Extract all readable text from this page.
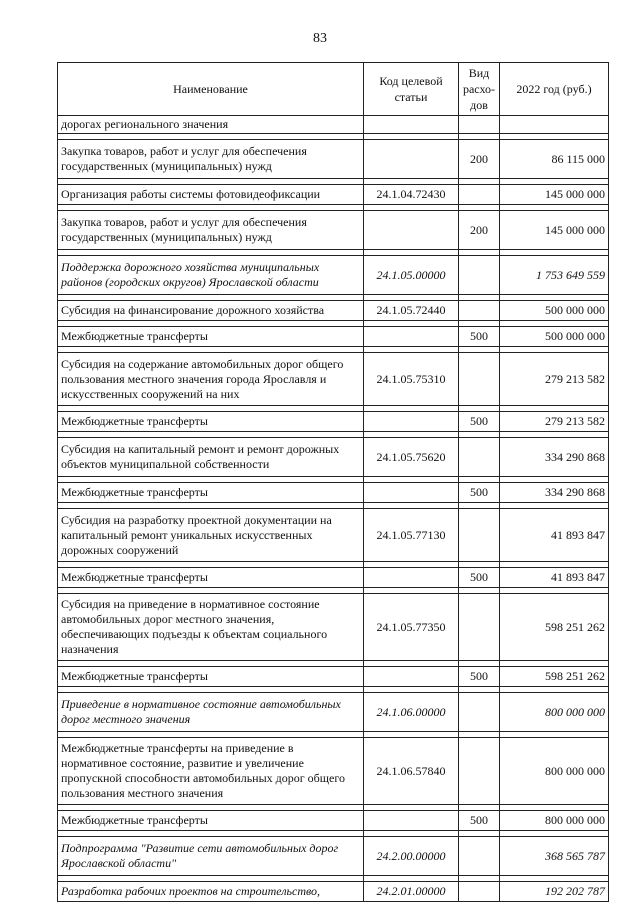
83
Наименование	Код целевой статьи	Вид расхо-дов	2022 год (руб.)
дорогах регионального значения			

Закупка товаров, работ и услуг для обеспечения государственных (муниципальных) нужд		200	86 115 000

Организация работы системы фотовидеофиксации	24.1.04.72430		145 000 000

Закупка товаров, работ и услуг для обеспечения государственных (муниципальных) нужд		200	145 000 000

Поддержка дорожного хозяйства муниципальных районов (городских округов) Ярославской области	24.1.05.00000		1 753 649 559

Субсидия на финансирование дорожного хозяйства	24.1.05.72440		500 000 000

Межбюджетные трансферты		500	500 000 000

Субсидия на содержание автомобильных дорог общего пользования местного значения города Ярославля и искусственных сооружений на них	24.1.05.75310		279 213 582

Межбюджетные трансферты		500	279 213 582

Субсидия на капитальный ремонт и ремонт дорожных объектов муниципальной собственности	24.1.05.75620		334 290 868

Межбюджетные трансферты		500	334 290 868

Субсидия на разработку проектной документации на капитальный ремонт уникальных искусственных дорожных сооружений	24.1.05.77130		41 893 847

Межбюджетные трансферты		500	41 893 847

Субсидия на приведение в нормативное состояние автомобильных дорог местного значения, обеспечивающих подъезды к объектам социального назначения	24.1.05.77350		598 251 262

Межбюджетные трансферты		500	598 251 262

Приведение в нормативное состояние автомобильных дорог местного значения	24.1.06.00000		800 000 000

Межбюджетные трансферты на приведение в нормативное состояние, развитие и увеличение пропускной способности автомобильных дорог общего пользования местного значения	24.1.06.57840		800 000 000

Межбюджетные трансферты		500	800 000 000

Подпрограмма "Развитие сети автомобильных дорог Ярославской области"	24.2.00.00000		368 565 787

Разработка рабочих проектов на строительство,	24.2.01.00000		192 202 787
